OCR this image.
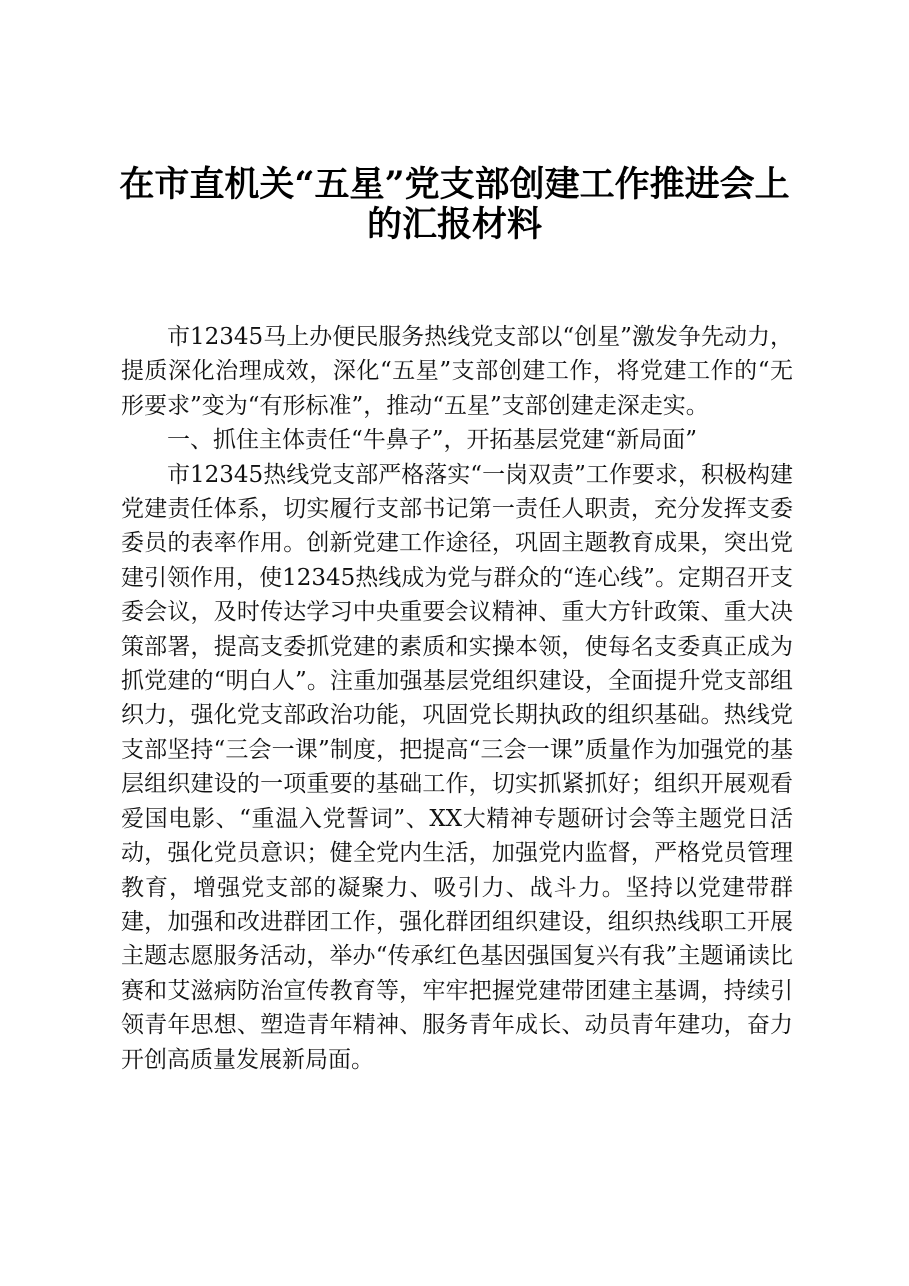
在市直机关“五星”党支部创建工作推进会上
的汇报材料

市12345马上办便民服务热线党支部以“创星”激发争先动力，提质深化治理成效，深化“五星”支部创建工作，将党建工作的“无形要求”变为“有形标准”，推动“五星”支部创建走深走实。

一、抓住主体责任“牛鼻子”，开拓基层党建“新局面”

市12345热线党支部严格落实“一岗双责”工作要求，积极构建党建责任体系，切实履行支部书记第一责任人职责，充分发挥支委委员的表率作用。创新党建工作途径，巩固主题教育成果，突出党建引领作用，使12345热线成为党与群众的“连心线”。定期召开支委会议，及时传达学习中央重要会议精神、重大方针政策、重大决策部署，提高支委抓党建的素质和实操本领，使每名支委真正成为抓党建的“明白人”。注重加强基层党组织建设，全面提升党支部组织力，强化党支部政治功能，巩固党长期执政的组织基础。热线党支部坚持“三会一课”制度，把提高“三会一课”质量作为加强党的基层组织建设的一项重要的基础工作，切实抓紧抓好；组织开展观看爱国电影、“重温入党誓词”、XX大精神专题研讨会等主题党日活动，强化党员意识；健全党内生活，加强党内监督，严格党员管理教育，增强党支部的凝聚力、吸引力、战斗力。坚持以党建带群建，加强和改进群团工作，强化群团组织建设，组织热线职工开展主题志愿服务活动，举办“传承红色基因强国复兴有我”主题诵读比赛和艾滋病防治宣传教育等，牢牢把握党建带团建主基调，持续引领青年思想、塑造青年精神、服务青年成长、动员青年建功，奋力开创高质量发展新局面。
